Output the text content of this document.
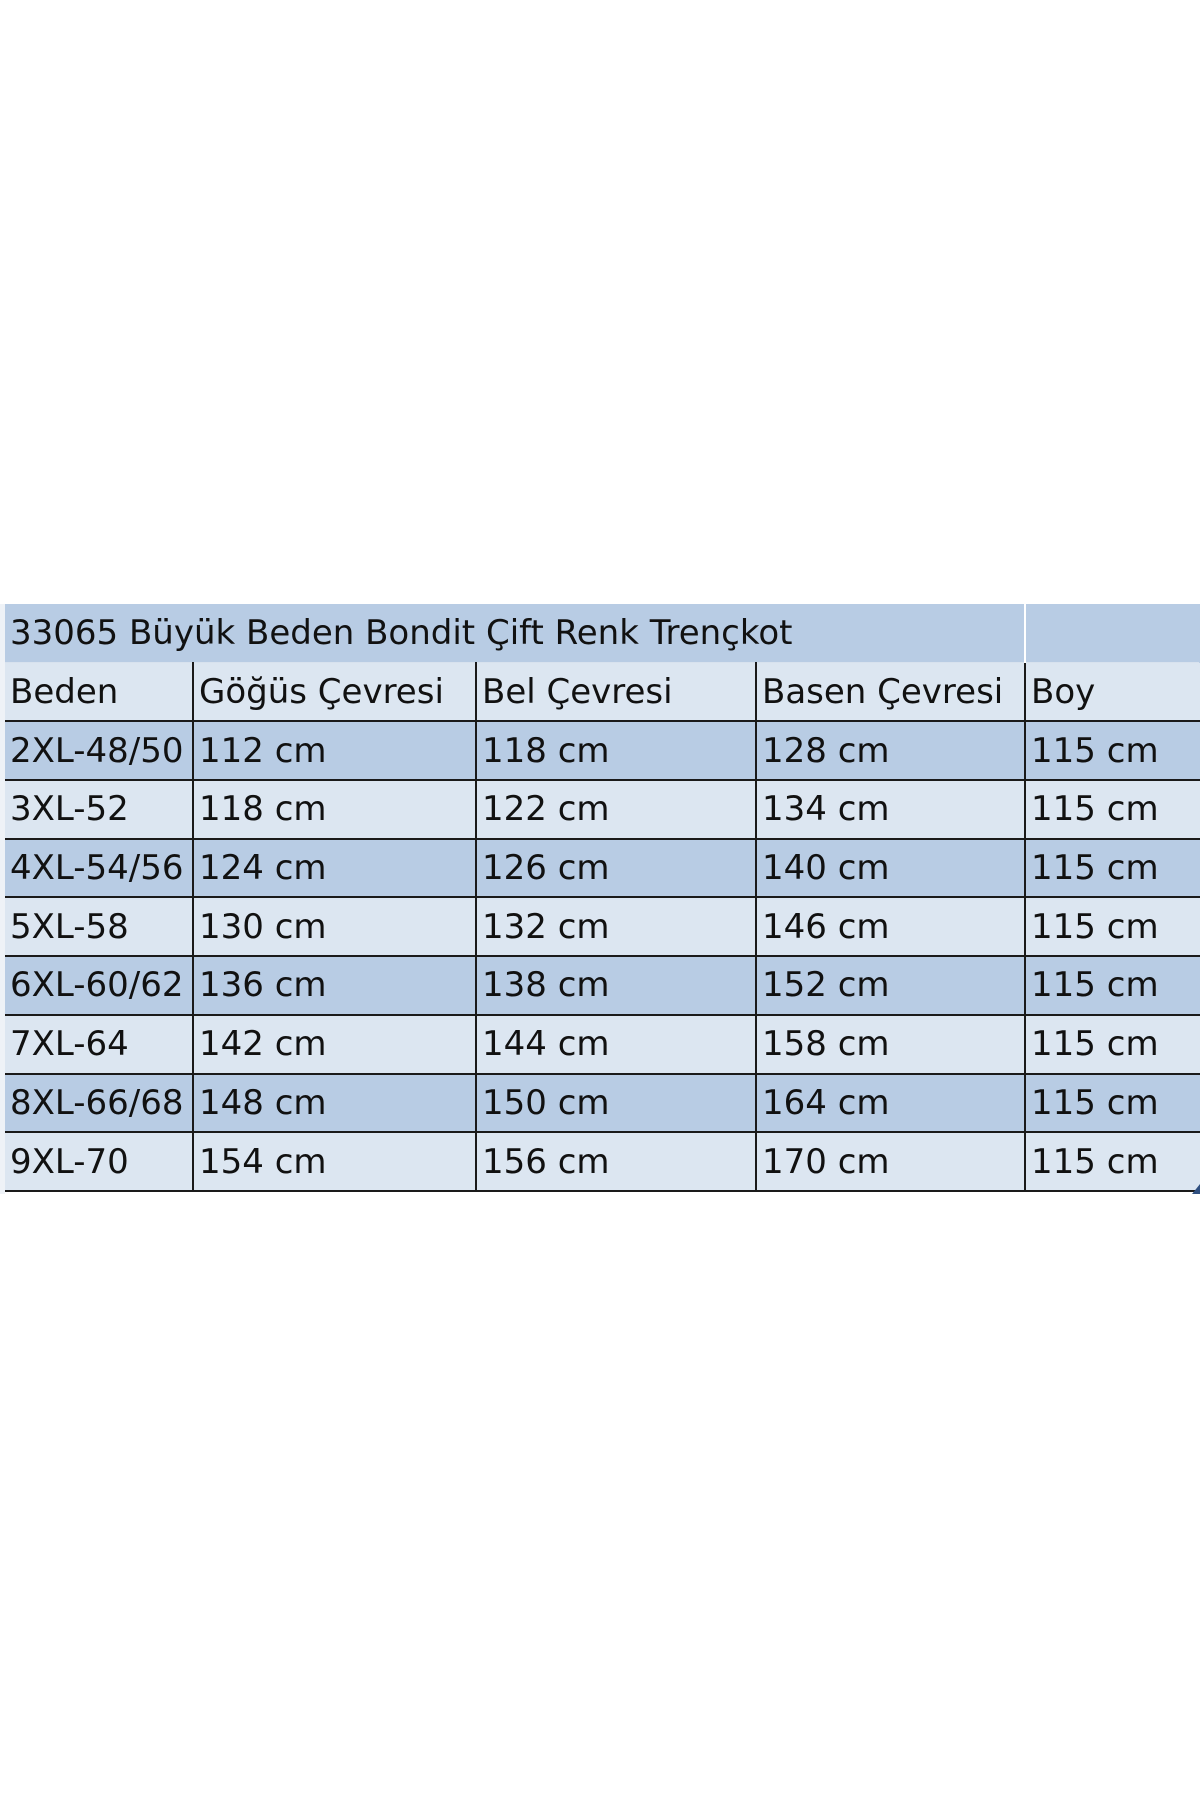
33065 Büyük Beden Bondit Çift Renk Trençkot				
Beden	Göğüs Çevresi	Bel Çevresi	Basen Çevresi	Boy
2XL-48/50	112 cm	118 cm	128 cm	115 cm
3XL-52	118 cm	122 cm	134 cm	115 cm
4XL-54/56	124 cm	126 cm	140 cm	115 cm
5XL-58	130 cm	132 cm	146 cm	115 cm
6XL-60/62	136 cm	138 cm	152 cm	115 cm
7XL-64	142 cm	144 cm	158 cm	115 cm
8XL-66/68	148 cm	150 cm	164 cm	115 cm
9XL-70	154 cm	156 cm	170 cm	115 cm
